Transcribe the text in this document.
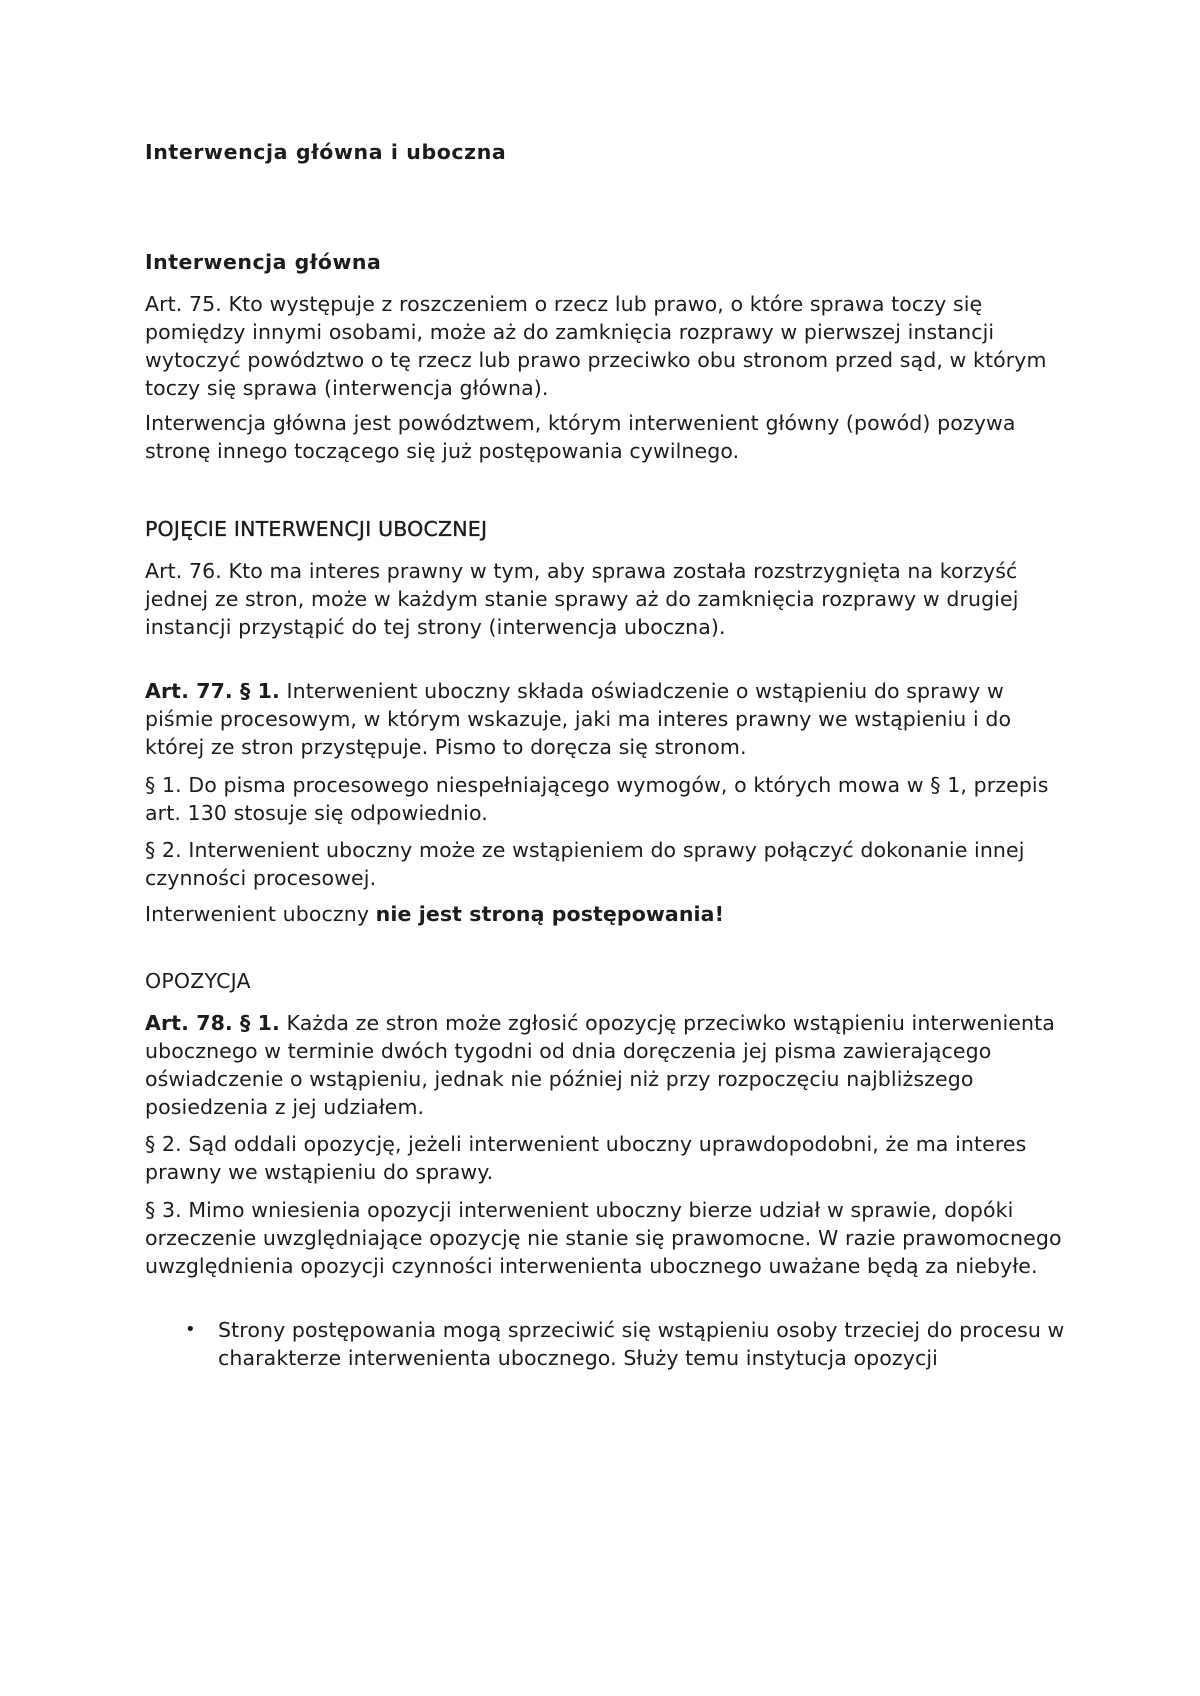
Interwencja główna i uboczna
Interwencja główna

Art. 75. Kto występuje z roszczeniem o rzecz lub prawo, o które sprawa toczy się pomiędzy innymi osobami, może aż do zamknięcia rozprawy w pierwszej instancji wytoczyć powództwo o tę rzecz lub prawo przeciwko obu stronom przed sąd, w którym toczy się sprawa (interwencja główna).

Interwencja główna jest powództwem, którym interwenient główny (powód) pozywa stronę innego toczącego się już postępowania cywilnego.

POJĘCIE INTERWENCJI UBOCZNEJ

Art. 76. Kto ma interes prawny w tym, aby sprawa została rozstrzygnięta na korzyść jednej ze stron, może w każdym stanie sprawy aż do zamknięcia rozprawy w drugiej instancji przystąpić do tej strony (interwencja uboczna).

Art. 77. § 1. Interwenient uboczny składa oświadczenie o wstąpieniu do sprawy w piśmie procesowym, w którym wskazuje, jaki ma interes prawny we wstąpieniu i do której ze stron przystępuje. Pismo to doręcza się stronom.

§ 1. Do pisma procesowego niespełniającego wymogów, o których mowa w § 1, przepis art. 130 stosuje się odpowiednio.

§ 2. Interwenient uboczny może ze wstąpieniem do sprawy połączyć dokonanie innej czynności procesowej.

Interwenient uboczny nie jest stroną postępowania!

OPOZYCJA

Art. 78. § 1. Każda ze stron może zgłosić opozycję przeciwko wstąpieniu interwenienta ubocznego w terminie dwóch tygodni od dnia doręczenia jej pisma zawierającego oświadczenie o wstąpieniu, jednak nie później niż przy rozpoczęciu najbliższego posiedzenia z jej udziałem.

§ 2. Sąd oddali opozycję, jeżeli interwenient uboczny uprawdopodobni, że ma interes prawny we wstąpieniu do sprawy.

§ 3. Mimo wniesienia opozycji interwenient uboczny bierze udział w sprawie, dopóki orzeczenie uwzględniające opozycję nie stanie się prawomocne. W razie prawomocnego uwzględnienia opozycji czynności interwenienta ubocznego uważane będą za niebyłe.

• Strony postępowania mogą sprzeciwić się wstąpieniu osoby trzeciej do procesu w charakterze interwenienta ubocznego. Służy temu instytucja opozycji
